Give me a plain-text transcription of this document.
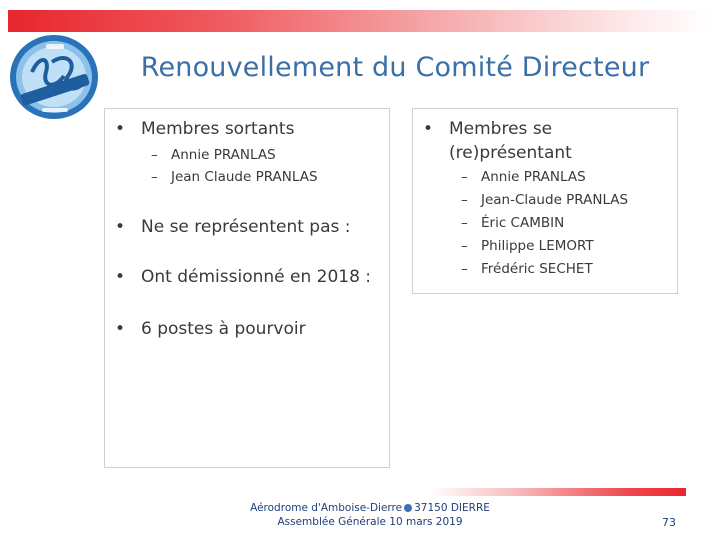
Renouvellement du Comité Directeur
• Membres sortants
– Annie PRANLAS
– Jean Claude PRANLAS
• Ne se représentent pas :
• Ont démissionné en 2018 :
• 6 postes à pourvoir
• Membres se
(re)présentant
– Annie PRANLAS
– Jean-Claude PRANLAS
– Éric CAMBIN
– Philippe LEMORT
– Frédéric SECHET
Aérodrome d'Amboise-Dierre 37150 DIERRE
Assemblée Générale 10 mars 2019	73
